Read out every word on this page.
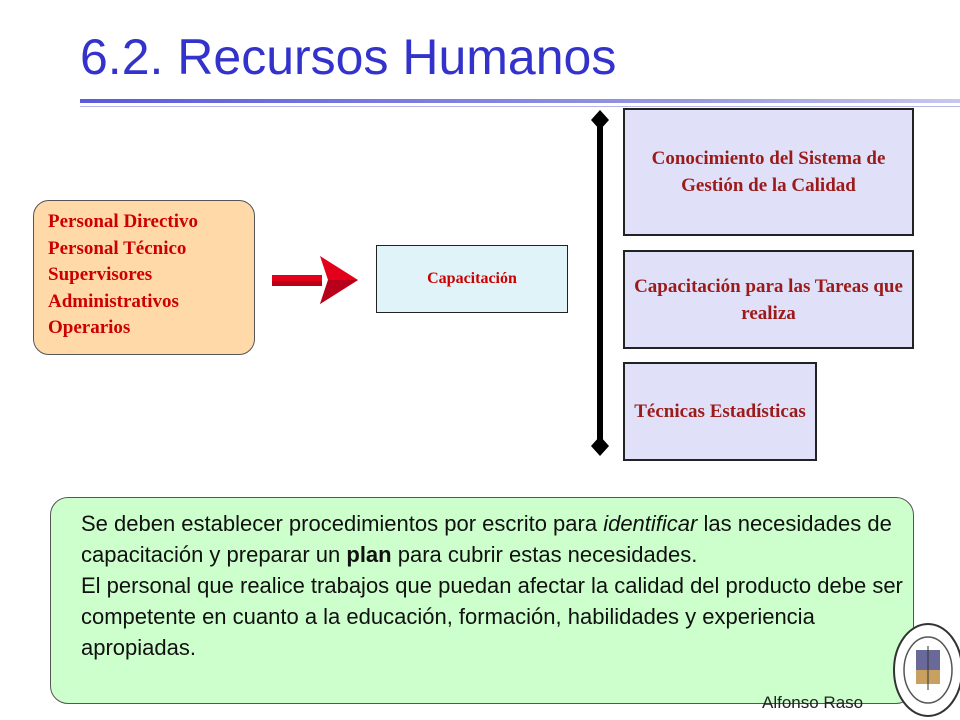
6.2. Recursos Humanos
Personal Directivo
Personal Técnico
Supervisores
Administrativos
Operarios
Capacitación
Conocimiento del Sistema de Gestión de la Calidad
Capacitación para las Tareas que realiza
Técnicas Estadísticas

Se deben establecer procedimientos por escrito para identificar las necesidades de capacitación y preparar un plan para cubrir estas necesidades.

El personal que realice trabajos que puedan afectar la calidad del producto debe ser competente en cuanto a la educación, formación, habilidades y experiencia apropiadas.

Alfonso Raso
